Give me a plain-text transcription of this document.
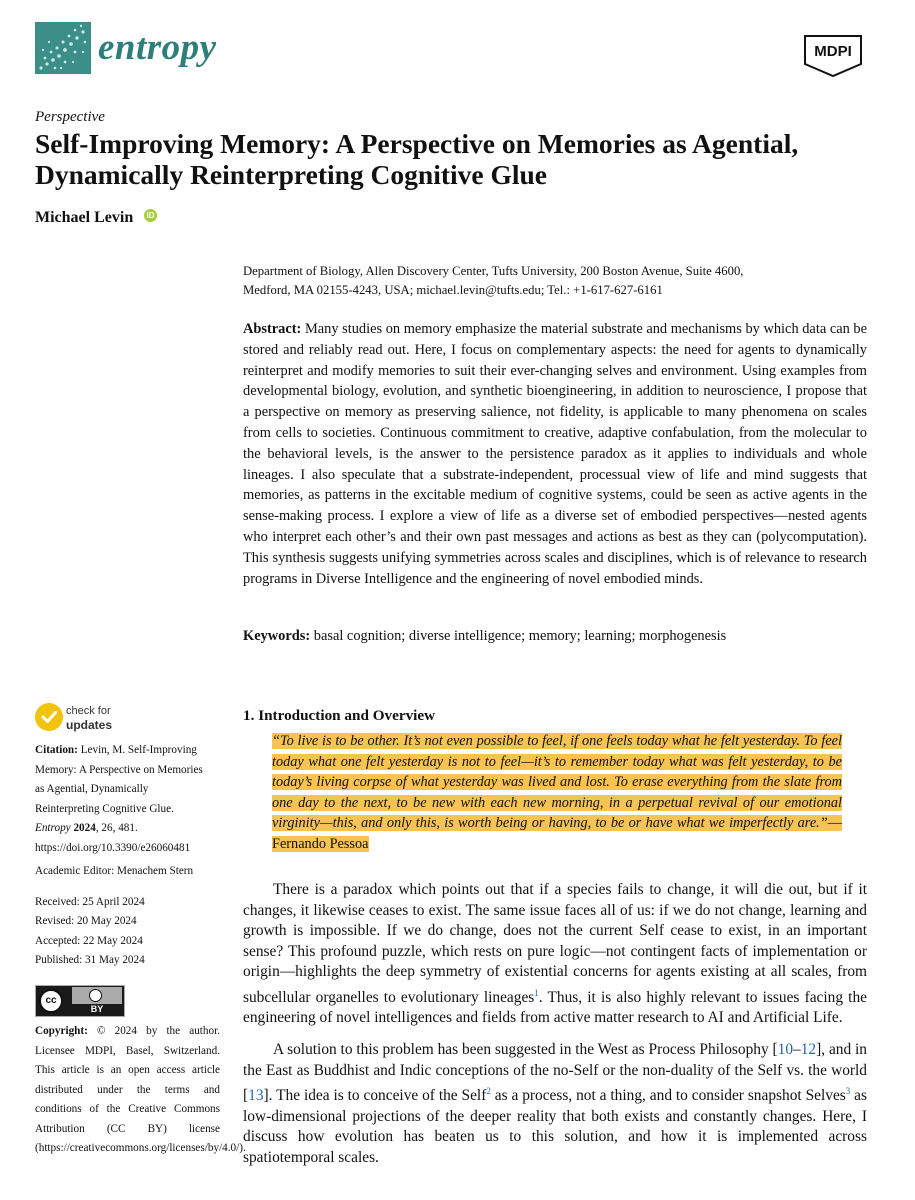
entropy	MDPI
Perspective
Self-Improving Memory: A Perspective on Memories as Agential, Dynamically Reinterpreting Cognitive Glue
Michael Levin	iD
Department of Biology, Allen Discovery Center, Tufts University, 200 Boston Avenue, Suite 4600,
Medford, MA 02155-4243, USA; michael.levin@tufts.edu; Tel.: +1-617-627-6161

Abstract: Many studies on memory emphasize the material substrate and mechanisms by which data can be stored and reliably read out. Here, I focus on complementary aspects: the need for agents to dynamically reinterpret and modify memories to suit their ever-changing selves and environment. Using examples from developmental biology, evolution, and synthetic bioengineering, in addition to neuroscience, I propose that a perspective on memory as preserving salience, not fidelity, is applicable to many phenomena on scales from cells to societies. Continuous commitment to creative, adaptive confabulation, from the molecular to the behavioral levels, is the answer to the persistence paradox as it applies to individuals and whole lineages. I also speculate that a substrate-independent, processual view of life and mind suggests that memories, as patterns in the excitable medium of cognitive systems, could be seen as active agents in the sense-making process. I explore a view of life as a diverse set of embodied perspectives—nested agents who interpret each other’s and their own past messages and actions as best as they can (polycomputation). This synthesis suggests unifying symmetries across scales and disciplines, which is of relevance to research programs in Diverse Intelligence and the engineering of novel embodied minds.

Keywords: basal cognition; diverse intelligence; memory; learning; morphogenesis
check for
updates

Citation: Levin, M. Self-Improving Memory: A Perspective on Memories as Agential, Dynamically Reinterpreting Cognitive Glue. Entropy 2024, 26, 481. https://doi.org/10.3390/e26060481

Academic Editor: Menachem Stern
Received: 25 April 2024
Revised: 20 May 2024
Accepted: 22 May 2024
Published: 31 May 2024
cc
BY

Copyright: © 2024 by the author. Licensee MDPI, Basel, Switzerland. This article is an open access article distributed under the terms and conditions of the Creative Commons Attribution (CC BY) license (https://creativecommons.org/licenses/by/4.0/).

1. Introduction and Overview

“To live is to be other. It’s not even possible to feel, if one feels today what he felt yesterday. To feel today what one felt yesterday is not to feel—it’s to remember today what was felt yesterday, to be today’s living corpse of what yesterday was lived and lost. To erase everything from the slate from one day to the next, to be new with each new morning, in a perpetual revival of our emotional virginity—this, and only this, is worth being or having, to be or have what we imperfectly are.”— Fernando Pessoa

There is a paradox which points out that if a species fails to change, it will die out, but if it changes, it likewise ceases to exist. The same issue faces all of us: if we do not change, learning and growth is impossible. If we do change, does not the current Self cease to exist, in an important sense? This profound puzzle, which rests on pure logic—not contingent facts of implementation or origin—highlights the deep symmetry of existential concerns for agents existing at all scales, from subcellular organelles to evolutionary lineages$^1$. Thus, it is also highly relevant to issues facing the engineering of novel intelligences and fields from active matter research to AI and Artificial Life.

A solution to this problem has been suggested in the West as Process Philosophy [10–12], and in the East as Buddhist and Indic conceptions of the no-Self or the non-duality of the Self vs. the world [13]. The idea is to conceive of the Self$^2$ as a process, not a thing, and to consider snapshot Selves$^3$ as low-dimensional projections of the deeper reality that both exists and constantly changes. Here, I discuss how evolution has beaten us to this solution, and how it is implemented across spatiotemporal scales.
